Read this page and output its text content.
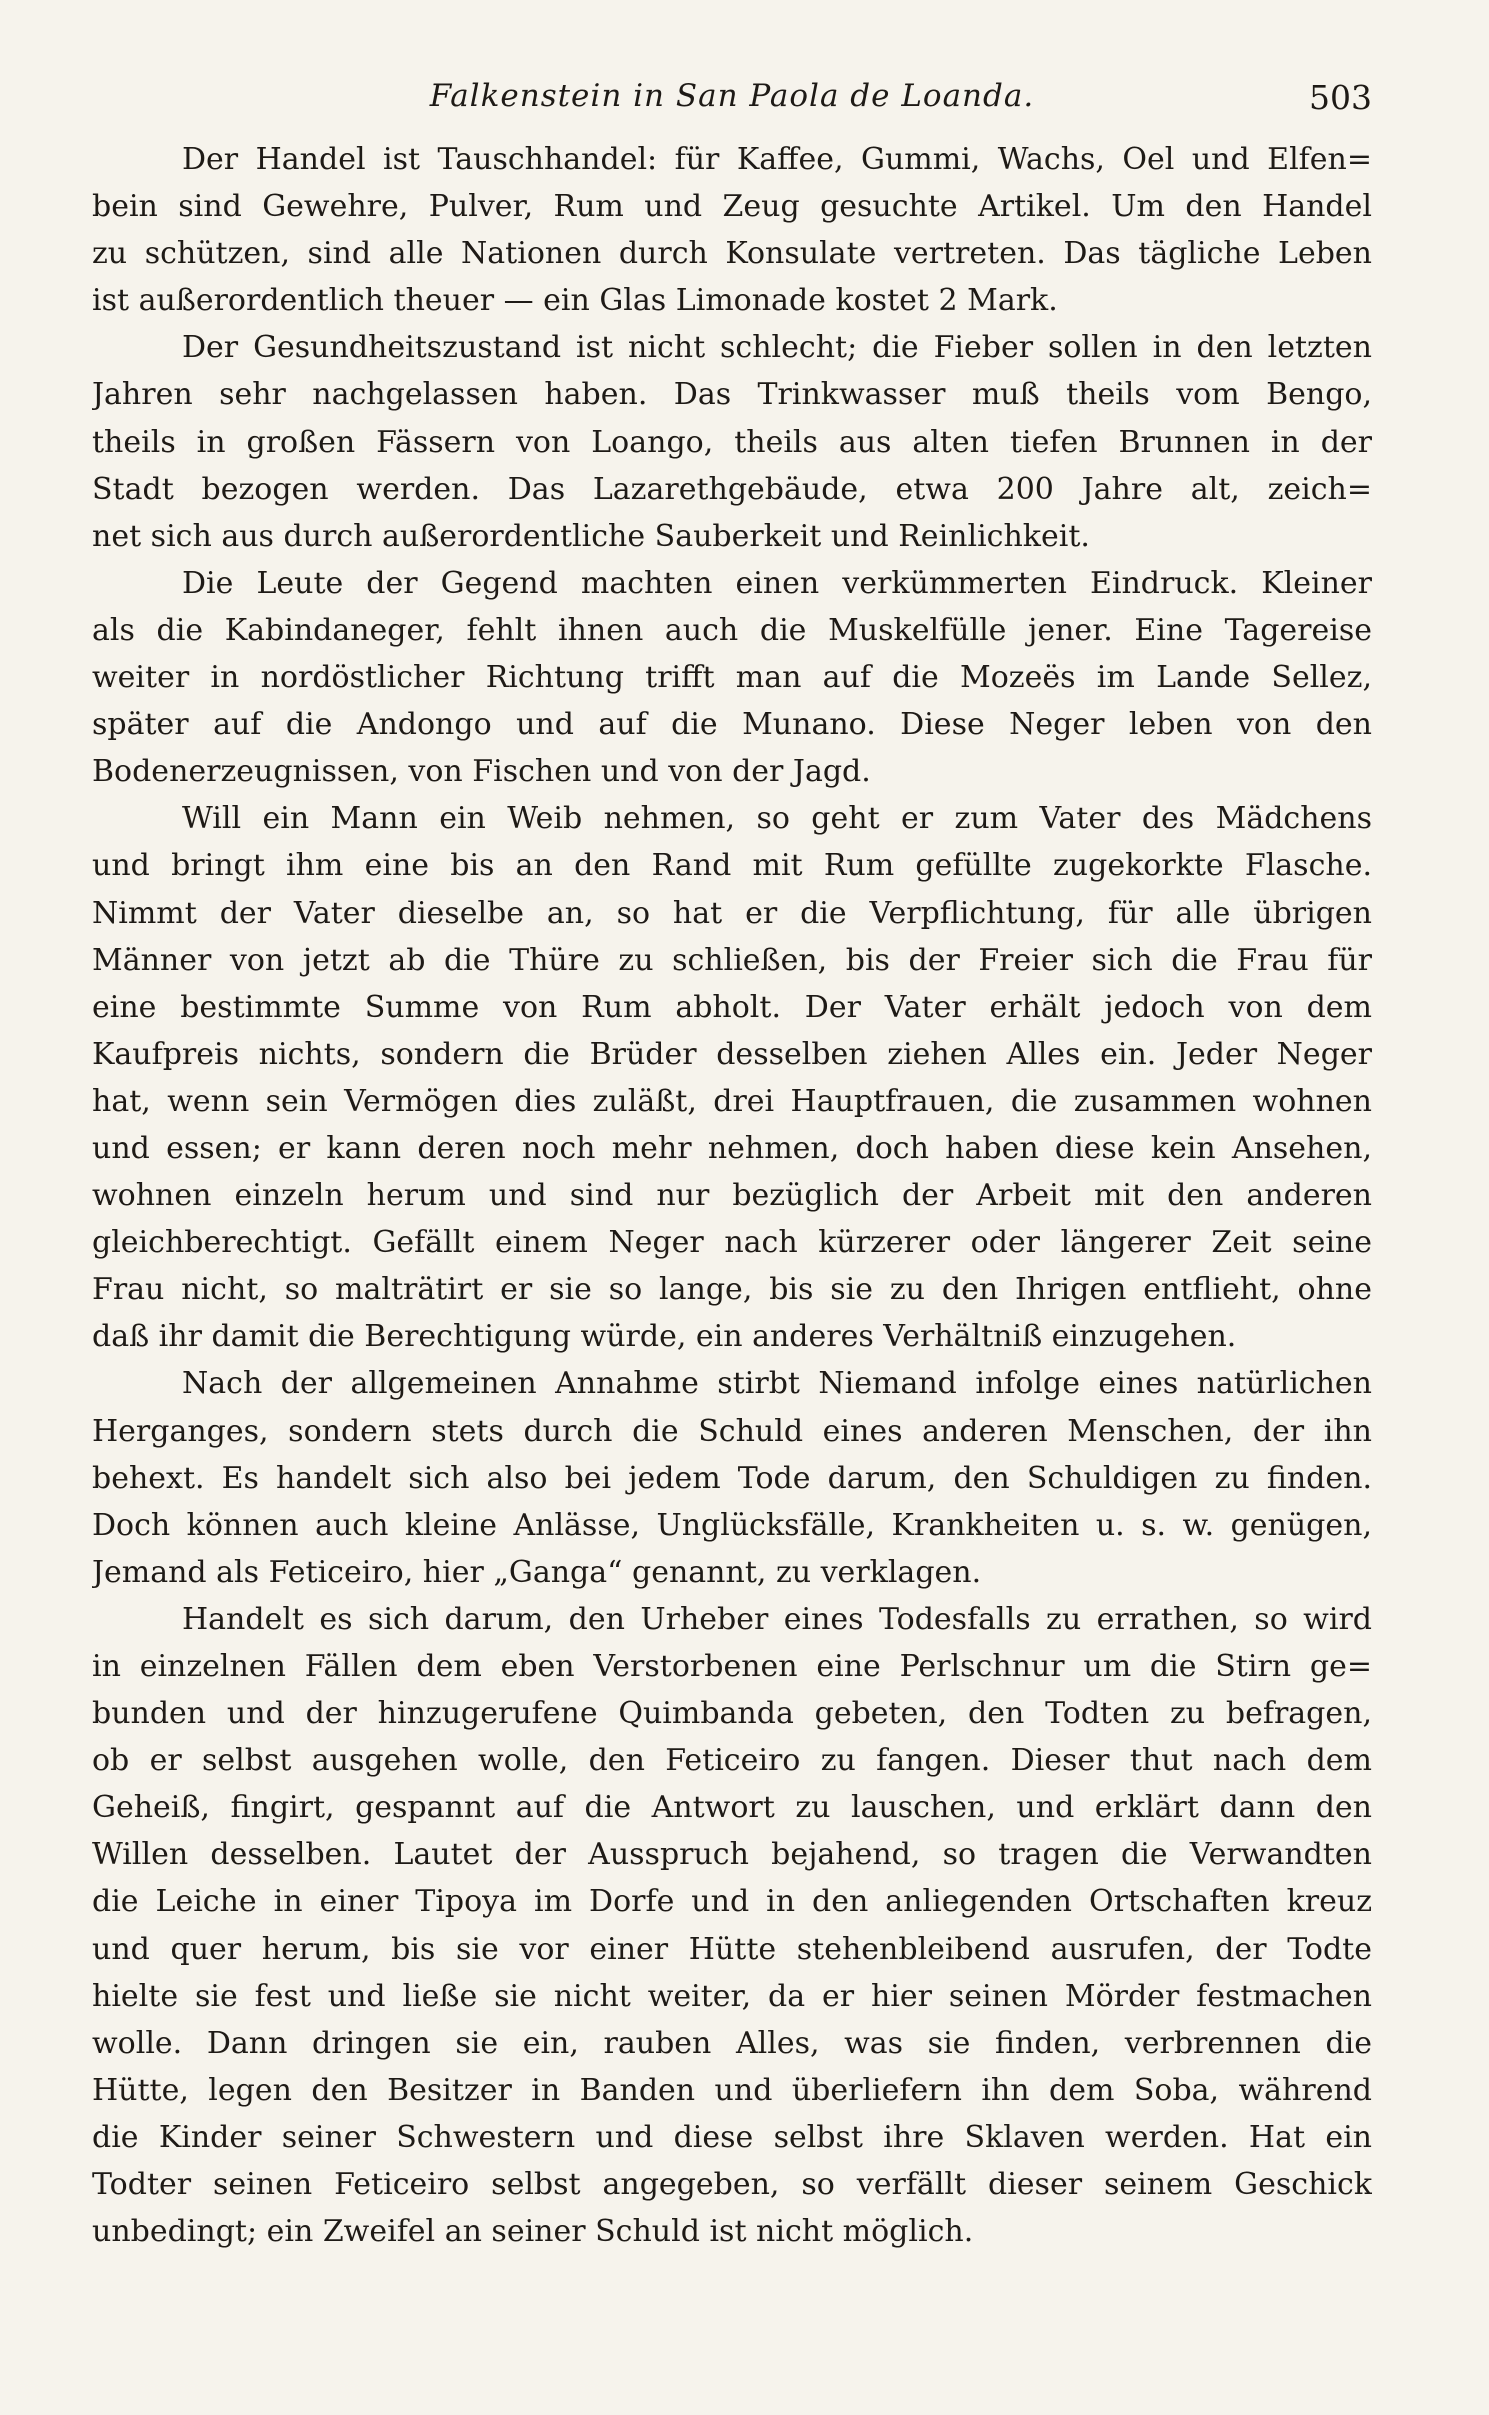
Falkenstein in San Paola de Loanda.	503
Der Handel ist Tauschhandel: für Kaffee, Gummi, Wachs, Oel und Elfen=
bein sind Gewehre, Pulver, Rum und Zeug gesuchte Artikel. Um den Handel
zu schützen, sind alle Nationen durch Konsulate vertreten. Das tägliche Leben
ist außerordentlich theuer — ein Glas Limonade kostet 2 Mark.
Der Gesundheitszustand ist nicht schlecht; die Fieber sollen in den letzten
Jahren sehr nachgelassen haben. Das Trinkwasser muß theils vom Bengo,
theils in großen Fässern von Loango, theils aus alten tiefen Brunnen in der
Stadt bezogen werden. Das Lazarethgebäude, etwa 200 Jahre alt, zeich=
net sich aus durch außerordentliche Sauberkeit und Reinlichkeit.
Die Leute der Gegend machten einen verkümmerten Eindruck. Kleiner
als die Kabindaneger, fehlt ihnen auch die Muskelfülle jener. Eine Tagereise
weiter in nordöstlicher Richtung trifft man auf die Mozeës im Lande Sellez,
später auf die Andongo und auf die Munano. Diese Neger leben von den
Bodenerzeugnissen, von Fischen und von der Jagd.
Will ein Mann ein Weib nehmen, so geht er zum Vater des Mädchens
und bringt ihm eine bis an den Rand mit Rum gefüllte zugekorkte Flasche.
Nimmt der Vater dieselbe an, so hat er die Verpflichtung, für alle übrigen
Männer von jetzt ab die Thüre zu schließen, bis der Freier sich die Frau für
eine bestimmte Summe von Rum abholt. Der Vater erhält jedoch von dem
Kaufpreis nichts, sondern die Brüder desselben ziehen Alles ein. Jeder Neger
hat, wenn sein Vermögen dies zuläßt, drei Hauptfrauen, die zusammen wohnen
und essen; er kann deren noch mehr nehmen, doch haben diese kein Ansehen,
wohnen einzeln herum und sind nur bezüglich der Arbeit mit den anderen
gleichberechtigt. Gefällt einem Neger nach kürzerer oder längerer Zeit seine
Frau nicht, so malträtirt er sie so lange, bis sie zu den Ihrigen entflieht, ohne
daß ihr damit die Berechtigung würde, ein anderes Verhältniß einzugehen.
Nach der allgemeinen Annahme stirbt Niemand infolge eines natürlichen
Herganges, sondern stets durch die Schuld eines anderen Menschen, der ihn
behext. Es handelt sich also bei jedem Tode darum, den Schuldigen zu finden.
Doch können auch kleine Anlässe, Unglücksfälle, Krankheiten u. s. w. genügen,
Jemand als Feticeiro, hier „Ganga“ genannt, zu verklagen.
Handelt es sich darum, den Urheber eines Todesfalls zu errathen, so wird
in einzelnen Fällen dem eben Verstorbenen eine Perlschnur um die Stirn ge=
bunden und der hinzugerufene Quimbanda gebeten, den Todten zu befragen,
ob er selbst ausgehen wolle, den Feticeiro zu fangen. Dieser thut nach dem
Geheiß, fingirt, gespannt auf die Antwort zu lauschen, und erklärt dann den
Willen desselben. Lautet der Ausspruch bejahend, so tragen die Verwandten
die Leiche in einer Tipoya im Dorfe und in den anliegenden Ortschaften kreuz
und quer herum, bis sie vor einer Hütte stehenbleibend ausrufen, der Todte
hielte sie fest und ließe sie nicht weiter, da er hier seinen Mörder festmachen
wolle. Dann dringen sie ein, rauben Alles, was sie finden, verbrennen die
Hütte, legen den Besitzer in Banden und überliefern ihn dem Soba, während
die Kinder seiner Schwestern und diese selbst ihre Sklaven werden. Hat ein
Todter seinen Feticeiro selbst angegeben, so verfällt dieser seinem Geschick
unbedingt; ein Zweifel an seiner Schuld ist nicht möglich.
